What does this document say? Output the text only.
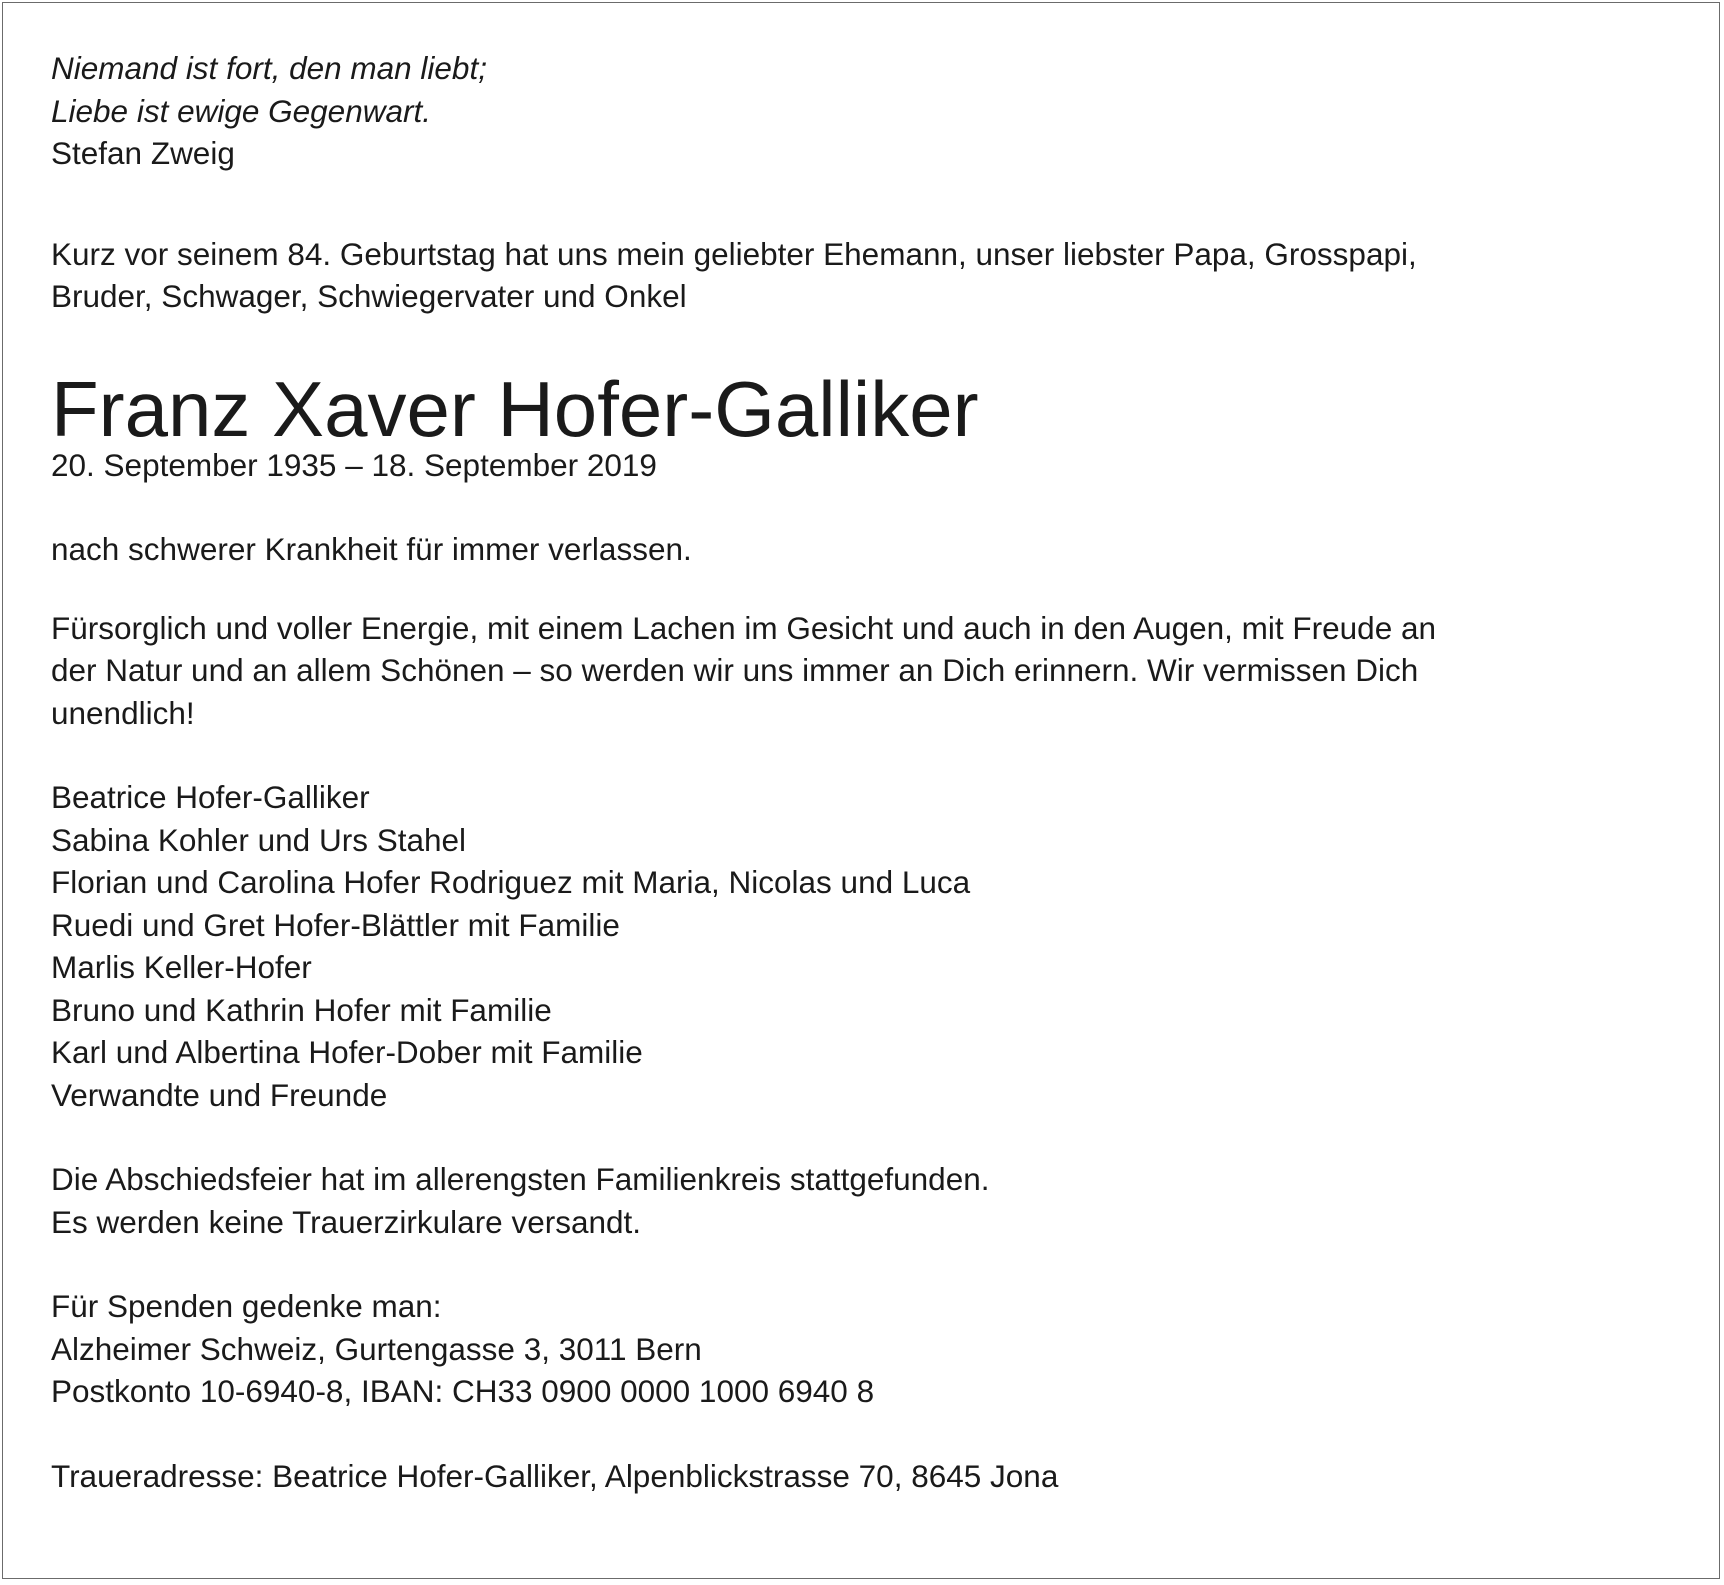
Niemand ist fort, den man liebt;
Liebe ist ewige Gegenwart.
Stefan Zweig
Kurz vor seinem 84. Geburtstag hat uns mein geliebter Ehemann, unser liebster Papa, Grosspapi,
Bruder, Schwager, Schwiegervater und Onkel
Franz Xaver Hofer-Galliker
20. September 1935 – 18. September 2019
nach schwerer Krankheit für immer verlassen.
Fürsorglich und voller Energie, mit einem Lachen im Gesicht und auch in den Augen, mit Freude an
der Natur und an allem Schönen – so werden wir uns immer an Dich erinnern. Wir vermissen Dich
unendlich!
Beatrice Hofer-Galliker
Sabina Kohler und Urs Stahel
Florian und Carolina Hofer Rodriguez mit Maria, Nicolas und Luca
Ruedi und Gret Hofer-Blättler mit Familie
Marlis Keller-Hofer
Bruno und Kathrin Hofer mit Familie
Karl und Albertina Hofer-Dober mit Familie
Verwandte und Freunde
Die Abschiedsfeier hat im allerengsten Familienkreis stattgefunden.
Es werden keine Trauerzirkulare versandt.
Für Spenden gedenke man:
Alzheimer Schweiz, Gurtengasse 3, 3011 Bern
Postkonto 10-6940-8, IBAN: CH33 0900 0000 1000 6940 8
Traueradresse: Beatrice Hofer-Galliker, Alpenblickstrasse 70, 8645 Jona
